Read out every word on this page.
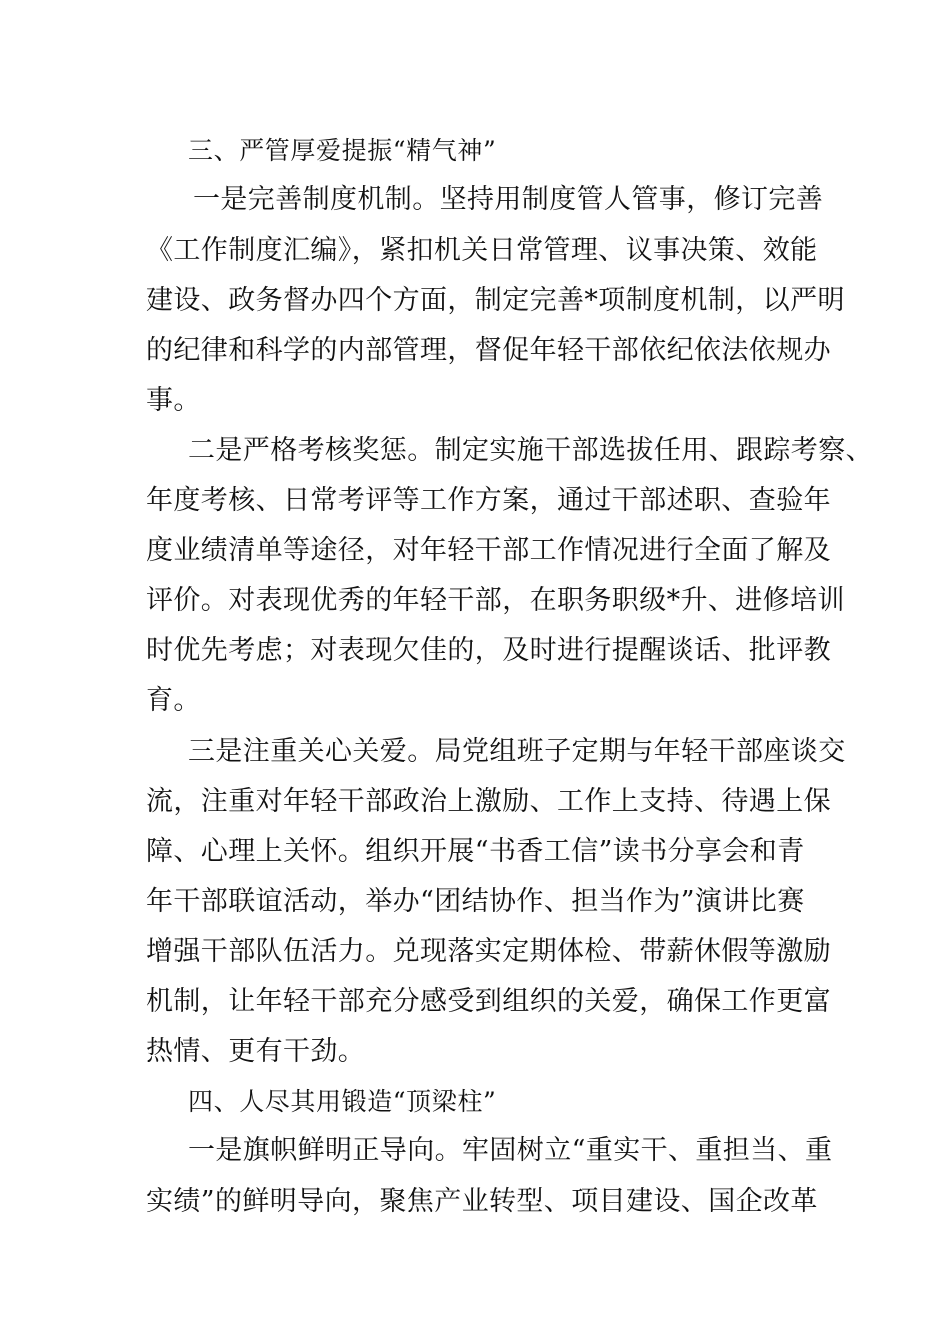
三、严管厚爱提振“精气神”
一是完善制度机制。坚持用制度管人管事，修订完善
《工作制度汇编》，紧扣机关日常管理、议事决策、效能
建设、政务督办四个方面，制定完善*项制度机制，以严明
的纪律和科学的内部管理，督促年轻干部依纪依法依规办
事。
二是严格考核奖惩。制定实施干部选拔任用、跟踪考察、
年度考核、日常考评等工作方案，通过干部述职、查验年
度业绩清单等途径，对年轻干部工作情况进行全面了解及
评价。对表现优秀的年轻干部，在职务职级*升、进修培训
时优先考虑；对表现欠佳的，及时进行提醒谈话、批评教
育。
三是注重关心关爱。局党组班子定期与年轻干部座谈交
流，注重对年轻干部政治上激励、工作上支持、待遇上保
障、心理上关怀。组织开展“书香工信”读书分享会和青
年干部联谊活动，举办“团结协作、担当作为”演讲比赛
增强干部队伍活力。兑现落实定期体检、带薪休假等激励
机制，让年轻干部充分感受到组织的关爱，确保工作更富
热情、更有干劲。
四、人尽其用锻造“顶梁柱”
一是旗帜鲜明正导向。牢固树立“重实干、重担当、重
实绩”的鲜明导向，聚焦产业转型、项目建设、国企改革
